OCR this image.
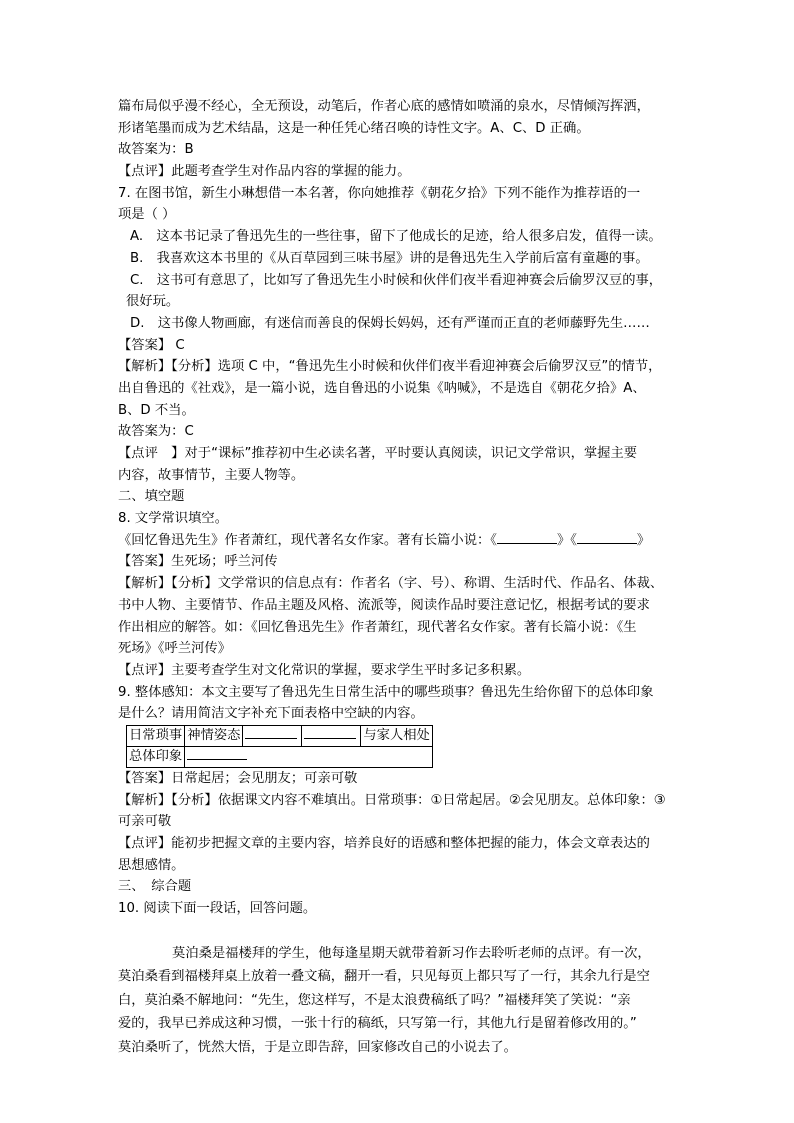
篇布局似乎漫不经心，全无预设，动笔后，作者心底的感情如喷涌的泉水，尽情倾泻挥洒，
形诸笔墨而成为艺术结晶，这是一种任凭心绪召唤的诗性文字。A、C、D 正确。
故答案为：B
【点评】此题考查学生对作品内容的掌握的能力。
7. 在图书馆，新生小琳想借一本名著，你向她推荐《朝花夕拾》下列不能作为推荐语的一
项是（ ）
A.　这本书记录了鲁迅先生的一些往事，留下了他成长的足迹，给人很多启发，值得一读。
B.　我喜欢这本书里的《从百草园到三味书屋》讲的是鲁迅先生入学前后富有童趣的事。
C.　这书可有意思了，比如写了鲁迅先生小时候和伙伴们夜半看迎神赛会后偷罗汉豆的事，
很好玩。
D.　这书像人物画廊，有迷信而善良的保姆长妈妈，还有严谨而正直的老师藤野先生……
【答案】 C
【解析】【分析】选项 C 中，“鲁迅先生小时候和伙伴们夜半看迎神赛会后偷罗汉豆”的情节，
出自鲁迅的《社戏》，是一篇小说，选自鲁迅的小说集《呐喊》，不是选自《朝花夕拾》A、
B、D 不当。
故答案为：C
【点评　】对于“课标”推荐初中生必读名著，平时要认真阅读，识记文学常识，掌握主要
内容，故事情节，主要人物等。
二、填空题
8. 文学常识填空。
《回忆鲁迅先生》作者萧红，现代著名女作家。著有长篇小说：《	》《	》
【答案】生死场；呼兰河传
【解析】【分析】文学常识的信息点有：作者名（字、号）、称谓、生活时代、作品名、体裁、
书中人物、主要情节、作品主题及风格、流派等，阅读作品时要注意记忆，根据考试的要求
作出相应的解答。如：《回忆鲁迅先生》作者萧红，现代著名女作家。著有长篇小说：《生
死场》《呼兰河传》
【点评】主要考查学生对文化常识的掌握，要求学生平时多记多积累。
9. 整体感知：本文主要写了鲁迅先生日常生活中的哪些琐事？鲁迅先生给你留下的总体印象
是什么？请用简洁文字补充下面表格中空缺的内容。
日常琐事	神情姿态			与家人相处
总体印象				
【答案】日常起居；会见朋友；可亲可敬
【解析】【分析】依据课文内容不难填出。日常琐事：①日常起居。②会见朋友。总体印象：③
可亲可敬
【点评】能初步把握文章的主要内容，培养良好的语感和整体把握的能力，体会文章表达的
思想感情。
三、　综合题
10. 阅读下面一段话，回答问题。
莫泊桑是福楼拜的学生，他每逢星期天就带着新习作去聆听老师的点评。有一次，
莫泊桑看到福楼拜桌上放着一叠文稿，翻开一看，只见每页上都只写了一行，其余九行是空
白，莫泊桑不解地问：“先生，您这样写，不是太浪费稿纸了吗？”福楼拜笑了笑说：“亲
爱的，我早已养成这种习惯，一张十行的稿纸，只写第一行，其他九行是留着修改用的。”
莫泊桑听了，恍然大悟，于是立即告辞，回家修改自己的小说去了。
